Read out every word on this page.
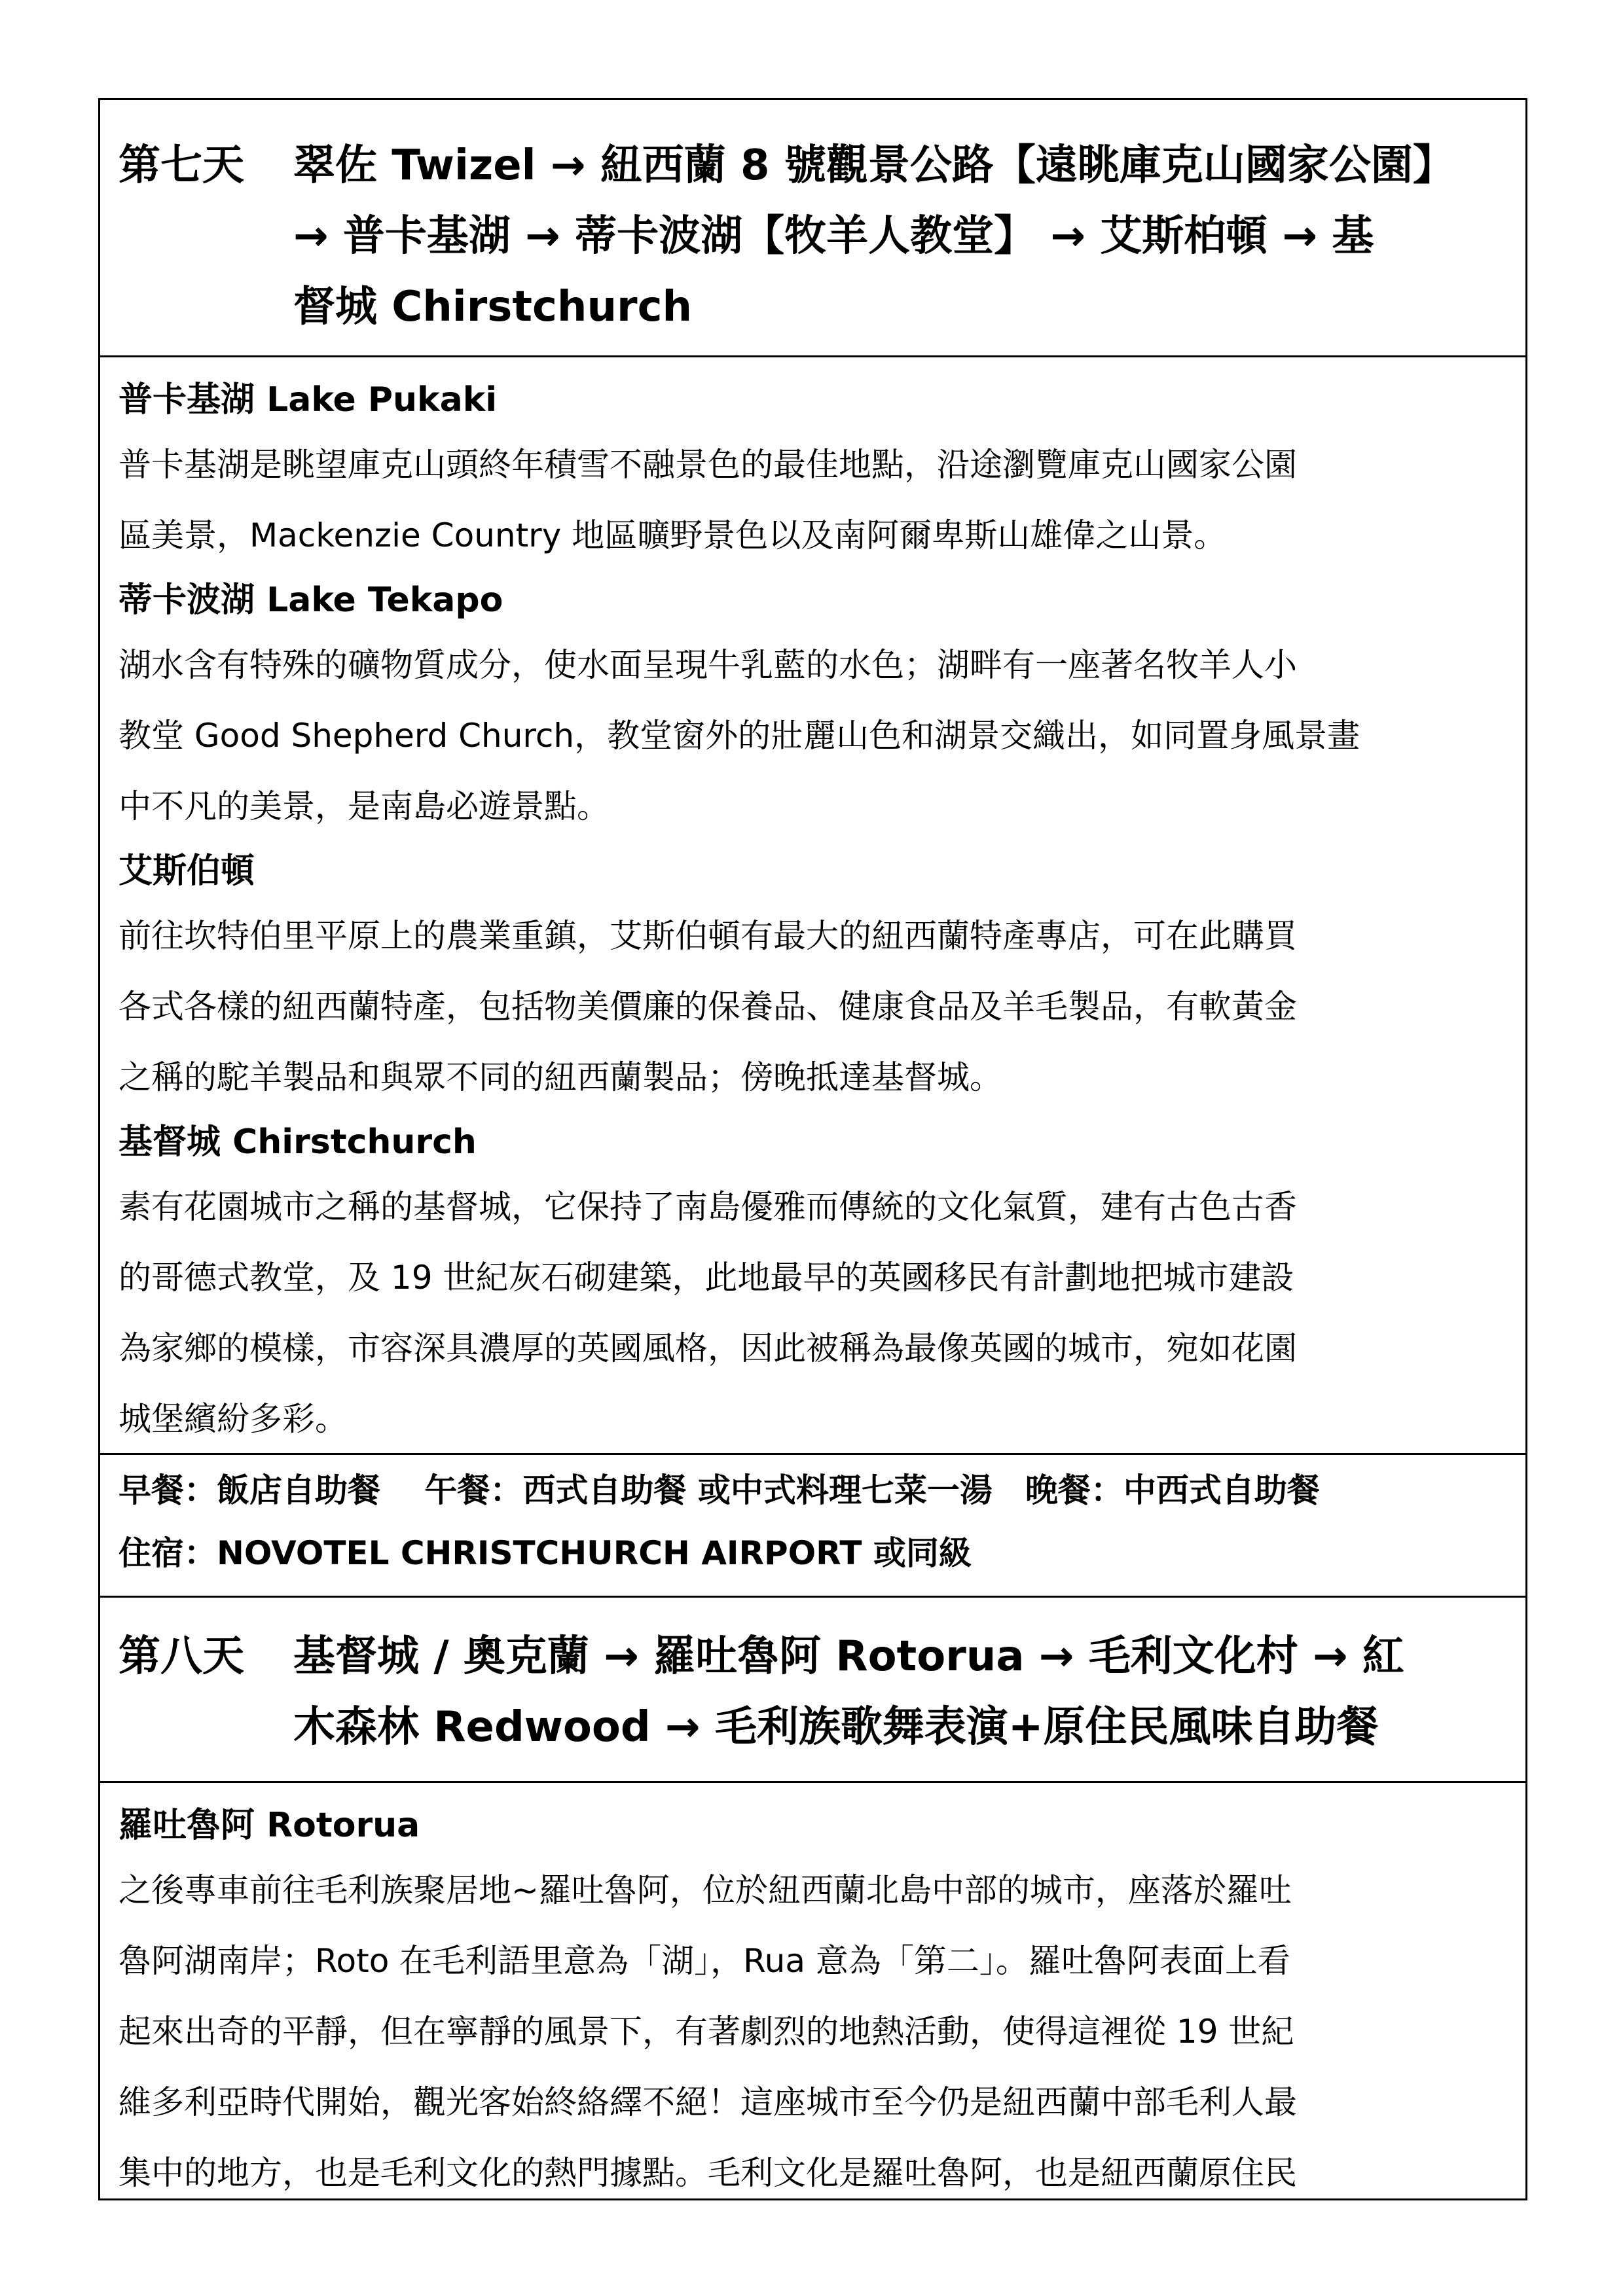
第七天	翠佐 Twizel → 紐西蘭 8 號觀景公路【遠眺庫克山國家公園】
→ 普卡基湖 → 蒂卡波湖【牧羊人教堂】 → 艾斯柏頓 → 基
督城 Chirstchurch
普卡基湖 Lake Pukaki
普卡基湖是眺望庫克山頭終年積雪不融景色的最佳地點，沿途瀏覽庫克山國家公園
區美景，Mackenzie Country 地區曠野景色以及南阿爾卑斯山雄偉之山景。
蒂卡波湖 Lake Tekapo
湖水含有特殊的礦物質成分，使水面呈現牛乳藍的水色；湖畔有一座著名牧羊人小
教堂 Good Shepherd Church，教堂窗外的壯麗山色和湖景交織出，如同置身風景畫
中不凡的美景，是南島必遊景點。
艾斯伯頓
前往坎特伯里平原上的農業重鎮，艾斯伯頓有最大的紐西蘭特產專店，可在此購買
各式各樣的紐西蘭特產，包括物美價廉的保養品、健康食品及羊毛製品，有軟黃金
之稱的駝羊製品和與眾不同的紐西蘭製品；傍晚抵達基督城。
基督城 Chirstchurch
素有花園城市之稱的基督城，它保持了南島優雅而傳統的文化氣質，建有古色古香
的哥德式教堂，及 19 世紀灰石砌建築，此地最早的英國移民有計劃地把城市建設
為家鄉的模樣，市容深具濃厚的英國風格，因此被稱為最像英國的城市，宛如花園
城堡繽紛多彩。
早餐：飯店自助餐　 午餐：西式自助餐 或中式料理七菜一湯　晚餐：中西式自助餐
住宿：NOVOTEL CHRISTCHURCH AIRPORT 或同級
第八天	基督城 / 奧克蘭 → 羅吐魯阿 Rotorua → 毛利文化村 → 紅
木森林 Redwood → 毛利族歌舞表演+原住民風味自助餐
羅吐魯阿 Rotorua
之後專車前往毛利族聚居地~羅吐魯阿，位於紐西蘭北島中部的城市，座落於羅吐
魯阿湖南岸；Roto 在毛利語里意為「湖」，Rua 意為「第二」。羅吐魯阿表面上看
起來出奇的平靜，但在寧靜的風景下，有著劇烈的地熱活動，使得這裡從 19 世紀
維多利亞時代開始，觀光客始終絡繹不絕！這座城市至今仍是紐西蘭中部毛利人最
集中的地方，也是毛利文化的熱門據點。毛利文化是羅吐魯阿，也是紐西蘭原住民
